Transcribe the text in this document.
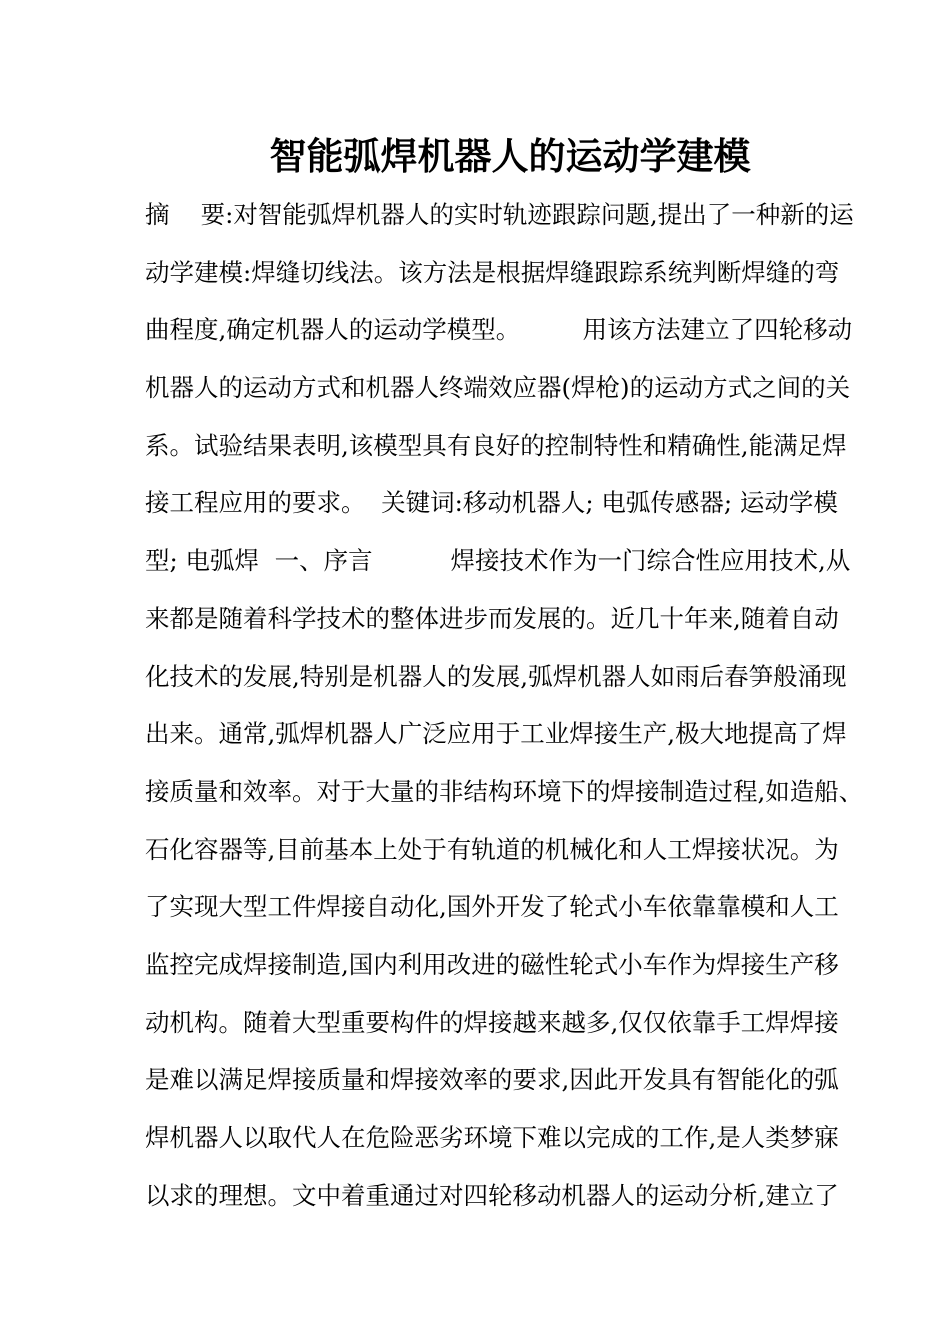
智能弧焊机器人的运动学建模
摘    要:对智能弧焊机器人的实时轨迹跟踪问题,提出了一种新的运
动学建模:焊缝切线法。该方法是根据焊缝跟踪系统判断焊缝的弯
曲程度,确定机器人的运动学模型。        用该方法建立了四轮移动
机器人的运动方式和机器人终端效应器(焊枪)的运动方式之间的关
系。试验结果表明,该模型具有良好的控制特性和精确性,能满足焊
接工程应用的要求。  关键词:移动机器人; 电弧传感器; 运动学模
型; 电弧焊  一、序言          焊接技术作为一门综合性应用技术,从
来都是随着科学技术的整体进步而发展的。近几十年来,随着自动
化技术的发展,特别是机器人的发展,弧焊机器人如雨后春笋般涌现
出来。通常,弧焊机器人广泛应用于工业焊接生产,极大地提高了焊
接质量和效率。对于大量的非结构环境下的焊接制造过程,如造船、
石化容器等,目前基本上处于有轨道的机械化和人工焊接状况。为
了实现大型工件焊接自动化,国外开发了轮式小车依靠靠模和人工
监控完成焊接制造,国内利用改进的磁性轮式小车作为焊接生产移
动机构。随着大型重要构件的焊接越来越多,仅仅依靠手工焊焊接
是难以满足焊接质量和焊接效率的要求,因此开发具有智能化的弧
焊机器人以取代人在危险恶劣环境下难以完成的工作,是人类梦寐
以求的理想。文中着重通过对四轮移动机器人的运动分析,建立了
